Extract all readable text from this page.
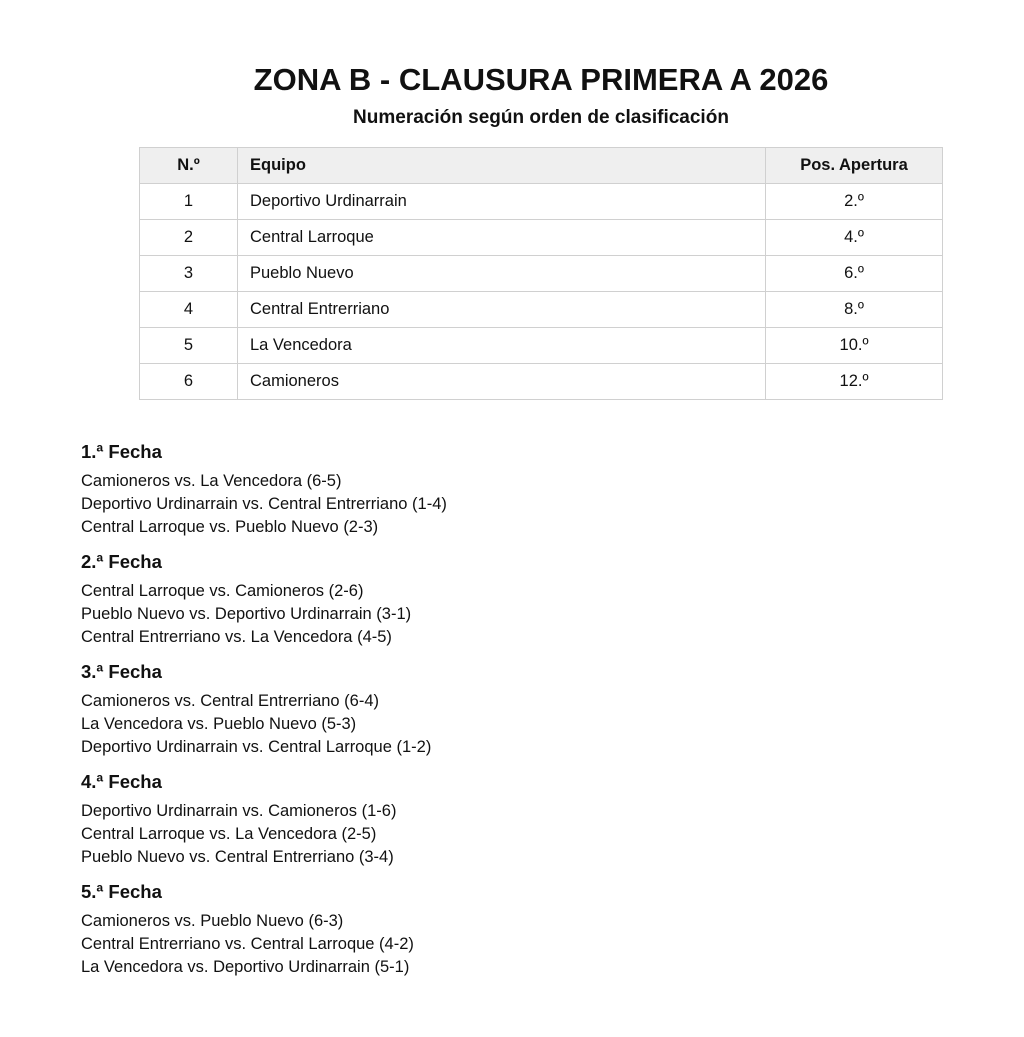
ZONA B - CLAUSURA PRIMERA A 2026
Numeración según orden de clasificación
N.º	Equipo	Pos. Apertura
1	Deportivo Urdinarrain	2.º
2	Central Larroque	4.º
3	Pueblo Nuevo	6.º
4	Central Entrerriano	8.º
5	La Vencedora	10.º
6	Camioneros	12.º
1.ª Fecha
Camioneros vs. La Vencedora (6-5)
Deportivo Urdinarrain vs. Central Entrerriano (1-4)
Central Larroque vs. Pueblo Nuevo (2-3)
2.ª Fecha
Central Larroque vs. Camioneros (2-6)
Pueblo Nuevo vs. Deportivo Urdinarrain (3-1)
Central Entrerriano vs. La Vencedora (4-5)
3.ª Fecha
Camioneros vs. Central Entrerriano (6-4)
La Vencedora vs. Pueblo Nuevo (5-3)
Deportivo Urdinarrain vs. Central Larroque (1-2)
4.ª Fecha
Deportivo Urdinarrain vs. Camioneros (1-6)
Central Larroque vs. La Vencedora (2-5)
Pueblo Nuevo vs. Central Entrerriano (3-4)
5.ª Fecha
Camioneros vs. Pueblo Nuevo (6-3)
Central Entrerriano vs. Central Larroque (4-2)
La Vencedora vs. Deportivo Urdinarrain (5-1)
